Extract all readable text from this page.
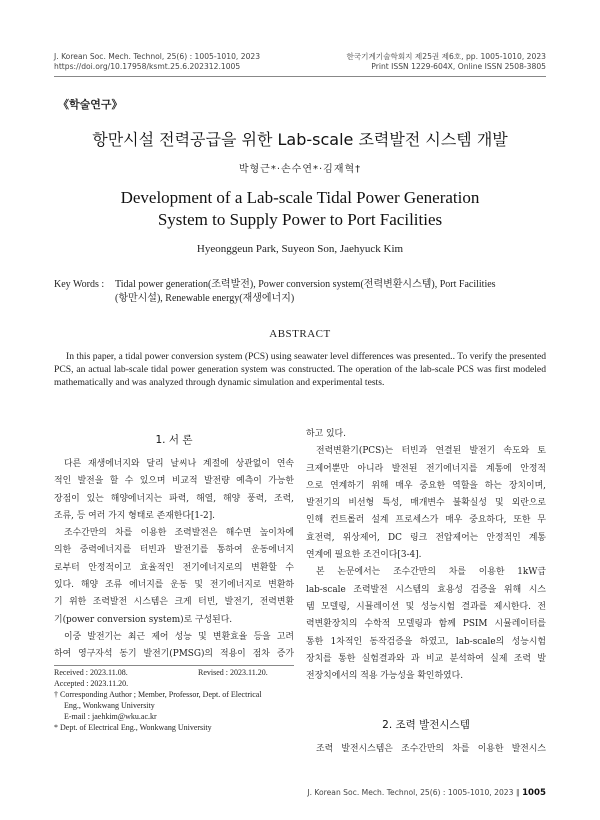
J. Korean Soc. Mech. Technol, 25(6) : 1005-1010, 2023
https://doi.org/10.17958/ksmt.25.6.202312.1005
한국기계기술학회지 제25권 제6호, pp. 1005-1010, 2023
Print ISSN 1229-604X, Online ISSN 2508-3805
《학술연구》
항만시설 전력공급을 위한 Lab-scale 조력발전 시스템 개발
박형근*·손수연*·김재혁†
Development of a Lab-scale Tidal Power Generation
System to Supply Power to Port Facilities
Hyeonggeun Park, Suyeon Son, Jaehyuck Kim
Key Words : Tidal power generation(조력발전), Power conversion system(전력변환시스템), Port Facilities
(항만시설), Renewable energy(재생에너지)
ABSTRACT
In this paper, a tidal power conversion system (PCS) using seawater level differences was presented.. To verify the presented PCS, an actual lab-scale tidal power generation system was constructed. The operation of the lab-scale PCS was first modeled mathematically and was analyzed through dynamic simulation and experimental tests.
1. 서 론

다른 재생에너지와 달리 날씨나 계절에 상관없이 연속

적인 발전을 할 수 있으며 비교적 발전량 예측이 가능한

장점이 있는 해양에너지는 파력, 해열, 해양 풍력, 조력,

조류, 등 여러 가지 형태로 존재한다[1-2].

조수간만의 차를 이용한 조력발전은 해수면 높이차에

의한 중력에너지를 터빈과 발전기를 통하여 운동에너지

로부터 안정적이고 효율적인 전기에너지로의 변환할 수

있다. 해양 조류 에너지를 운동 및 전기에너지로 변환하

기 위한 조력발전 시스템은 크게 터빈, 발전기, 전력변환

기(power conversion system)로 구성된다.

이중 발전기는 최근 제어 성능 및 변환효율 등을 고려

하여 영구자석 동기 발전기(PMSG)의 적용이 점차 증가

Received : 2023.11.08.	Revised : 2023.11.20.
Accepted : 2023.11.20.
† Corresponding Author ; Member, Professor, Dept. of Electrical
Eng., Wonkwang University
E-mail : jaehkim@wku.ac.kr
* Dept. of Electrical Eng., Wonkwang University

하고 있다.

전력변환기(PCS)는 터빈과 연결된 발전기 속도와 토

크제어뿐만 아니라 발전된 전기에너지를 계통에 안정적

으로 연계하기 위해 매우 중요한 역할을 하는 장치이며,

발전기의 비선형 특성, 매개변수 불확실성 및 외란으로

인해 컨트롤러 설계 프로세스가 매우 중요하다, 또한 무

효전력, 위상제어, DC 링크 전압제어는 안정적인 계통

연계에 필요한 조건이다[3-4].

본 논문에서는 조수간만의 차를 이용한 1kW급

lab-scale 조력발전 시스템의 효용성 검증을 위해 시스

템 모델링, 시뮬레이션 및 성능시험 결과를 제시한다. 전

력변환장치의 수학적 모델링과 함께 PSIM 시뮬레이터를

통한 1차적인 동작검증을 하였고, lab-scale의 성능시험

장치를 통한 실험결과와 과 비교 분석하여 실제 조력 발

전장치에서의 적용 가능성을 확인하였다.

2. 조력 발전시스템

조력 발전시스템은 조수간만의 차를 이용한 발전시스

J. Korean Soc. Mech. Technol, 25(6) : 1005-1010, 2023 ∥ 1005
